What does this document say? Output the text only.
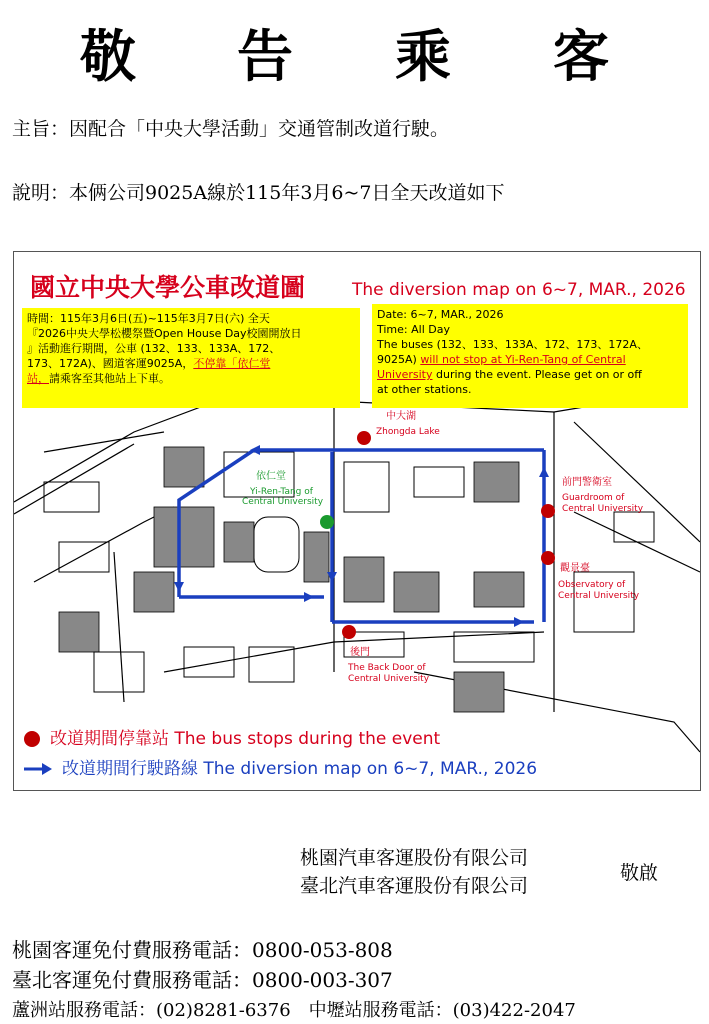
敬 告 乘 客
主旨：因配合「中央大學活動」交通管制改道行駛。
說明：本俩公司9025A線於115年3月6~7日全天改道如下
國立中央大學公車改道圖	The diversion map on 6~7, MAR., 2026
時間：115年3月6日(五)~115年3月7日(六) 全天
『2026中央大學松櫻祭暨Open House Day校園開放日
』活動進行期間，公車 (132、133、133A、172、
173、172A)、國道客運9025A，不停靠「依仁堂
站，請乘客至其他站上下車。
Date: 6~7, MAR., 2026
Time: All Day
The buses (132、133、133A、172、173、172A、
9025A) will not stop at Yi-Ren-Tang of Central
University during the event. Please get on or off
at other stations.
中大湖
Zhongda Lake
依仁堂
Yi-Ren-Tang of
Central University
前門警衛室
Guardroom of
Central University
觀景臺
Observatory of
Central University
後門
The Back Door of
Central University
改道期間停靠站 The bus stops during the event
改道期間行駛路線 The diversion map on 6~7, MAR., 2026
桃園汽車客運股份有限公司
臺北汽車客運股份有限公司
敬啟
桃園客運免付費服務電話：0800-053-808
臺北客運免付費服務電話：0800-003-307
蘆洲站服務電話：(02)8281-6376　中壢站服務電話：(03)422-2047
